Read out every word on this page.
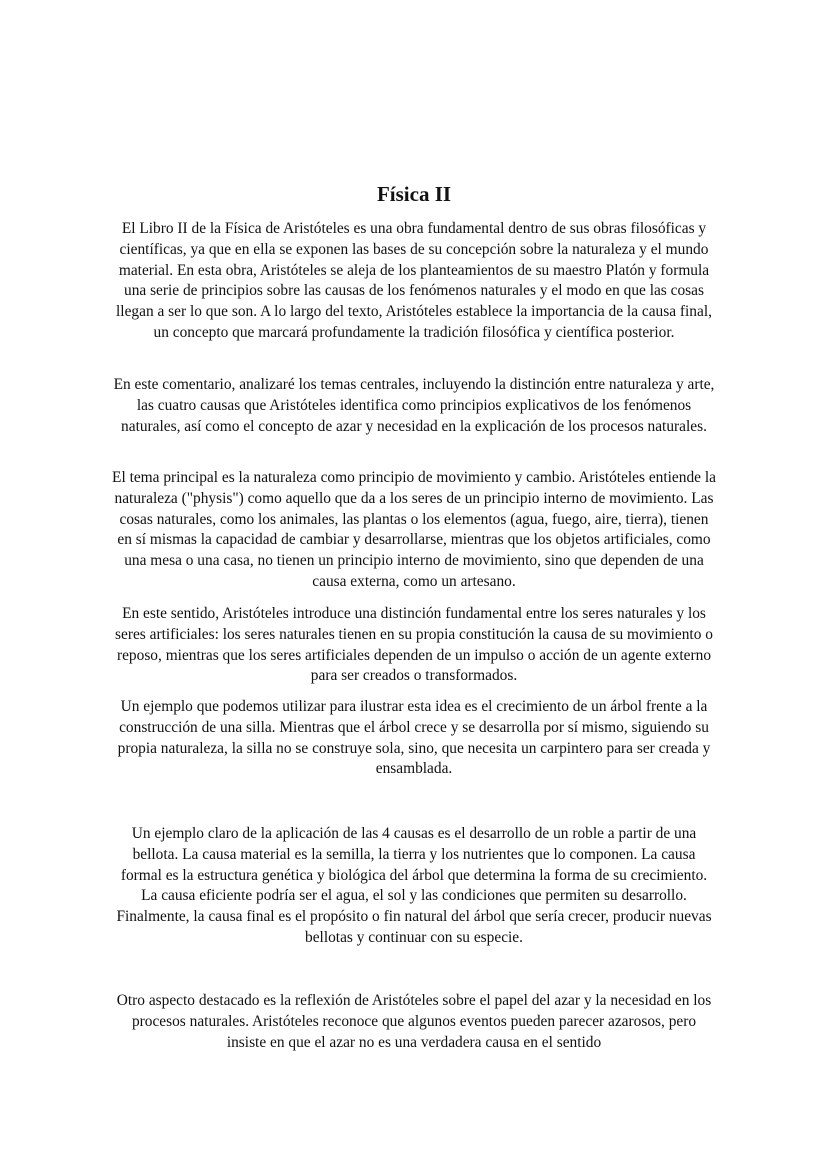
Física II

El Libro II de la Física de Aristóteles es una obra fundamental dentro de sus obras filosóficas y científicas, ya que en ella se exponen las bases de su concepción sobre la naturaleza y el mundo material. En esta obra, Aristóteles se aleja de los planteamientos de su maestro Platón y formula una serie de principios sobre las causas de los fenómenos naturales y el modo en que las cosas llegan a ser lo que son. A lo largo del texto, Aristóteles establece la importancia de la causa final, un concepto que marcará profundamente la tradición filosófica y científica posterior.

En este comentario, analizaré los temas centrales, incluyendo la distinción entre naturaleza y arte, las cuatro causas que Aristóteles identifica como principios explicativos de los fenómenos naturales, así como el concepto de azar y necesidad en la explicación de los procesos naturales.

El tema principal es la naturaleza como principio de movimiento y cambio. Aristóteles entiende la naturaleza ("physis") como aquello que da a los seres de un principio interno de movimiento. Las cosas naturales, como los animales, las plantas o los elementos (agua, fuego, aire, tierra), tienen en sí mismas la capacidad de cambiar y desarrollarse, mientras que los objetos artificiales, como una mesa o una casa, no tienen un principio interno de movimiento, sino que dependen de una causa externa, como un artesano.

En este sentido, Aristóteles introduce una distinción fundamental entre los seres naturales y los seres artificiales: los seres naturales tienen en su propia constitución la causa de su movimiento o reposo, mientras que los seres artificiales dependen de un impulso o acción de un agente externo para ser creados o transformados.

Un ejemplo que podemos utilizar para ilustrar esta idea es el crecimiento de un árbol frente a la construcción de una silla. Mientras que el árbol crece y se desarrolla por sí mismo, siguiendo su propia naturaleza, la silla no se construye sola, sino, que necesita un carpintero para ser creada y ensamblada.

Un ejemplo claro de la aplicación de las 4 causas es el desarrollo de un roble a partir de una bellota. La causa material es la semilla, la tierra y los nutrientes que lo componen. La causa formal es la estructura genética y biológica del árbol que determina la forma de su crecimiento. La causa eficiente podría ser el agua, el sol y las condiciones que permiten su desarrollo. Finalmente, la causa final es el propósito o fin natural del árbol que sería crecer, producir nuevas bellotas y continuar con su especie.

Otro aspecto destacado es la reflexión de Aristóteles sobre el papel del azar y la necesidad en los procesos naturales. Aristóteles reconoce que algunos eventos pueden parecer azarosos, pero insiste en que el azar no es una verdadera causa en el sentido
